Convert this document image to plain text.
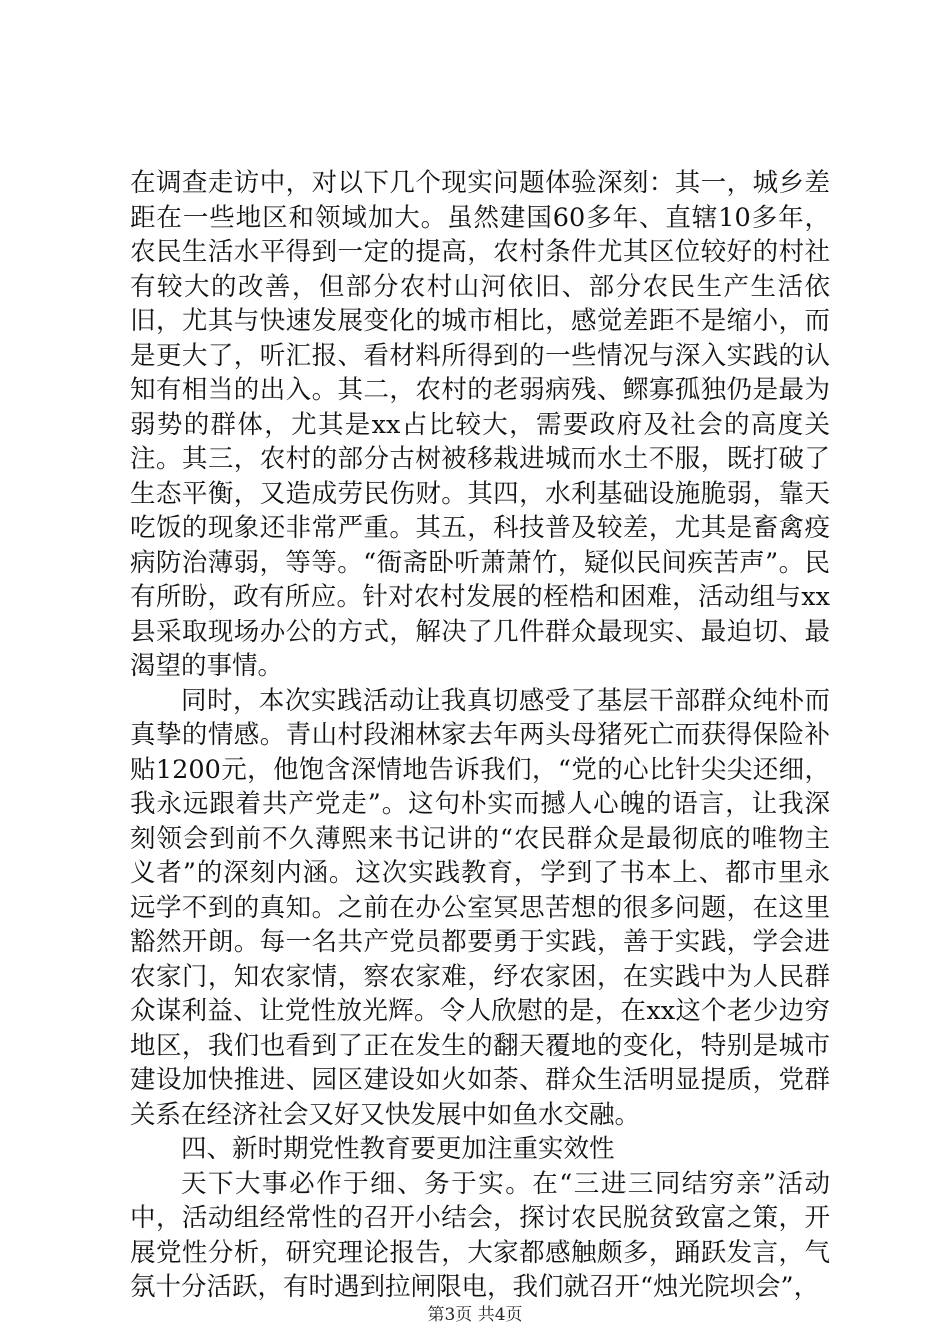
在调查走访中，对以下几个现实问题体验深刻：其一，城乡差距在一些地区和领域加大。虽然建国60多年、直辖10多年，农民生活水平得到一定的提高，农村条件尤其区位较好的村社有较大的改善，但部分农村山河依旧、部分农民生产生活依旧，尤其与快速发展变化的城市相比，感觉差距不是缩小，而是更大了，听汇报、看材料所得到的一些情况与深入实践的认知有相当的出入。其二，农村的老弱病残、鳏寡孤独仍是最为弱势的群体，尤其是xx占比较大，需要政府及社会的高度关注。其三，农村的部分古树被移栽进城而水土不服，既打破了生态平衡，又造成劳民伤财。其四，水利基础设施脆弱，靠天吃饭的现象还非常严重。其五，科技普及较差，尤其是畜禽疫病防治薄弱，等等。“衙斋卧听萧萧竹，疑似民间疾苦声”。民有所盼，政有所应。针对农村发展的桎梏和困难，活动组与xx县采取现场办公的方式，解决了几件群众最现实、最迫切、最渴望的事情。

同时，本次实践活动让我真切感受了基层干部群众纯朴而真挚的情感。青山村段湘林家去年两头母猪死亡而获得保险补贴1200元，他饱含深情地告诉我们，“党的心比针尖尖还细，我永远跟着共产党走”。这句朴实而撼人心魄的语言，让我深刻领会到前不久薄熙来书记讲的“农民群众是最彻底的唯物主义者”的深刻内涵。这次实践教育，学到了书本上、都市里永远学不到的真知。之前在办公室冥思苦想的很多问题，在这里豁然开朗。每一名共产党员都要勇于实践，善于实践，学会进农家门，知农家情，察农家难，纾农家困，在实践中为人民群众谋利益、让党性放光辉。令人欣慰的是，在xx这个老少边穷地区，我们也看到了正在发生的翻天覆地的变化，特别是城市建设加快推进、园区建设如火如荼、群众生活明显提质，党群关系在经济社会又好又快发展中如鱼水交融。

四、新时期党性教育要更加注重实效性

天下大事必作于细、务于实。在“三进三同结穷亲”活动中，活动组经常性的召开小结会，探讨农民脱贫致富之策，开展党性分析，研究理论报告，大家都感触颇多，踊跃发言，气氛十分活跃，有时遇到拉闸限电，我们就召开“烛光院坝会”，

第3页 共4页
